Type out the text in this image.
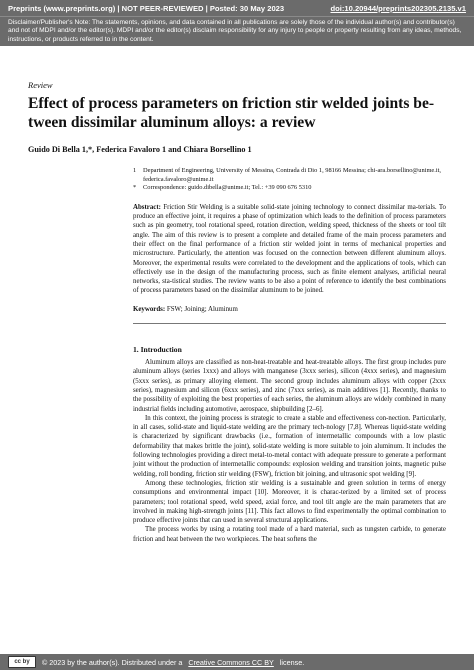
Preprints (www.preprints.org) | NOT PEER-REVIEWED | Posted: 30 May 2023	doi:10.20944/preprints202305.2135.v1
Disclaimer/Publisher's Note: The statements, opinions, and data contained in all publications are solely those of the individual author(s) and contributor(s) and not of MDPI and/or the editor(s). MDPI and/or the editor(s) disclaim responsibility for any injury to people or property resulting from any ideas, methods, instructions, or products referred to in the content.
Review
Effect of process parameters on friction stir welded joints be-tween dissimilar aluminum alloys: a review
Guido Di Bella 1,*, Federica Favaloro 1 and Chiara Borsellino 1
1	Department of Engineering, University of Messina, Contrada di Dio 1, 98166 Messina; chi-ara.borsellino@unime.it, federica.favaloro@unime.it
*	Correspondence: guido.dibella@unime.it; Tel.: +39 090 676 5310
Abstract: Friction Stir Welding is a suitable solid-state joining technology to connect dissimilar ma-terials. To produce an effective joint, it requires a phase of optimization which leads to the definition of process parameters such as pin geometry, tool rotational speed, rotation direction, welding speed, thickness of the sheets or tool tilt angle. The aim of this review is to present a complete and detailed frame of the main process parameters and their effect on the final performance of a friction stir welded joint in terms of mechanical properties and microstructure. Particularly, the attention was focused on the connection between different aluminum alloys. Moreover, the experimental results were correlated to the development and the applications of tools, which can effectively use in the design of the manufacturing process, such as finite element analyses, artificial neural networks, sta-tistical studies. The review wants to be also a point of reference to identify the best combinations of process parameters based on the dissimilar aluminum to be joined.
Keywords: FSW; Joining; Aluminum
1. Introduction

Aluminum alloys are classified as non-heat-treatable and heat-treatable alloys. The first group includes pure aluminum alloys (series 1xxx) and alloys with manganese (3xxx series), silicon (4xxx series), and magnesium (5xxx series), as primary alloying element. The second group includes aluminum alloys with copper (2xxx series), magnesium and silicon (6xxx series), and zinc (7xxx series), as main additives [1]. Recently, thanks to the possibility of exploiting the best properties of each series, the aluminum alloys are widely combined in many industrial fields including automotive, aerospace, shipbuilding [2–6].

In this context, the joining process is strategic to create a stable and effectiveness con-nection. Particularly, in all cases, solid-state and liquid-state welding are the primary tech-nology [7,8]. Whereas liquid-state welding is characterized by significant drawbacks (i.e., formation of intermetallic compounds with a low plastic deformability that makes brittle the joint), solid-state welding is more suitable to join aluminum. It includes the following technologies providing a direct metal-to-metal contact with adequate pressure to generate a performant joint without the production of intermetallic compounds: explosion welding and transition joints, magnetic pulse welding, roll bonding, friction stir welding (FSW), friction bit joining, and ultrasonic spot welding [9].

Among these technologies, friction stir welding is a sustainable and green solution in terms of energy consumptions and environmental impact [10]. Moreover, it is charac-terized by a limited set of process parameters; tool rotational speed, weld speed, axial force, and tool tilt angle are the main parameters that are involved in making high-strength joints [11]. This fact allows to find experimentally the optimal combination to produce effective joints that can used in several structural applications.

The process works by using a rotating tool made of a hard material, such as tungsten carbide, to generate friction and heat between the two workpieces. The heat softens the

cc by	© 2023 by the author(s). Distributed under a Creative Commons CC BY license.
